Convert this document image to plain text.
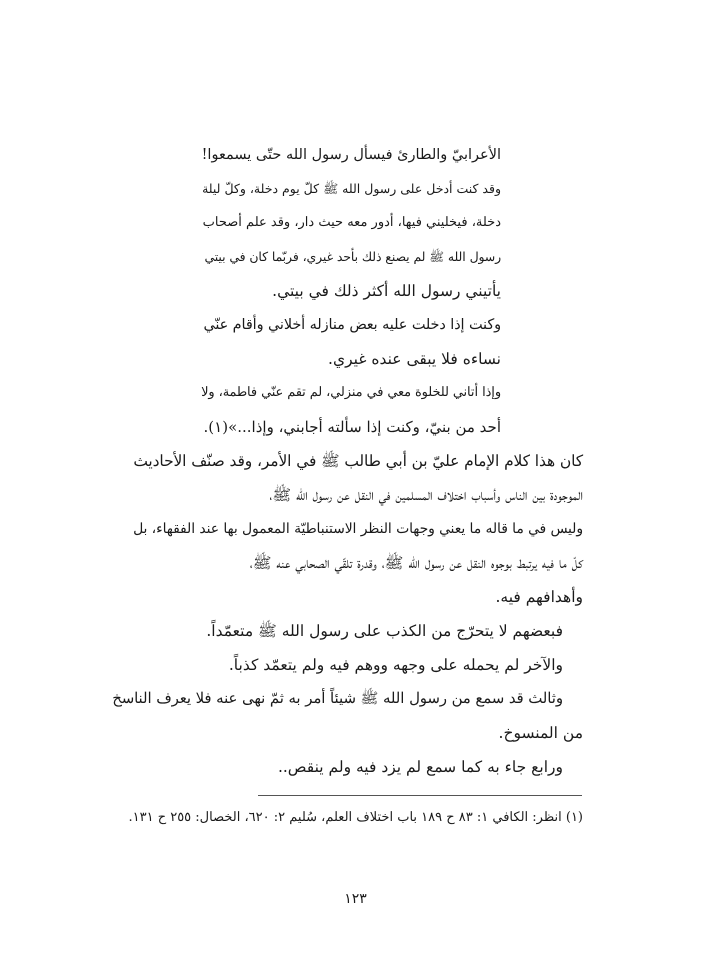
الأعرابيّ والطارئ فيسأل رسول الله حتّى يسمعوا!
وقد كنت أدخل على رسول الله ﷺ كلّ يوم دخلة، وكلّ ليلة
دخلة، فيخليني فيها، أدور معه حيث دار، وقد علم أصحاب
رسول الله ﷺ لم يصنع ذلك بأحد غيري، فربّما كان في بيتي
يأتيني رسول الله أكثر ذلك في بيتي.
وكنت إذا دخلت عليه بعض منازله أخلاني وأقام عنّي
نساءه فلا يبقى عنده غيري.
وإذا أتاني للخلوة معي في منزلي، لم تقم عنّي فاطمة، ولا
أحد من بنيّ، وكنت إذا سألته أجابني، وإذا...»(١).
كان هذا كلام الإمام عليّ بن أبي طالب ﷺ في الأمر، وقد صنّف الأحاديث
الموجودة بين الناس وأسباب اختلاف المسلمين في النقل عن رسول الله ﷺ،
وليس في ما قاله ما يعني وجهات النظر الاستنباطيّة المعمول بها عند الفقهاء، بل
كلّ ما فيه يرتبط بوجوه النقل عن رسول الله ﷺ، وقدرة تلقّي الصحابي عنه ﷺ،
وأهدافهم فيه.
فبعضهم لا يتحرّج من الكذب على رسول الله ﷺ متعمّداً.
والآخر لم يحمله على وجهه ووهم فيه ولم يتعمّد كذباً.
وثالث قد سمع من رسول الله ﷺ شيئاً أمر به ثمّ نهى عنه فلا يعرف الناسخ
من المنسوخ.
ورابع جاء به كما سمع لم يزد فيه ولم ينقص..
(١) انظر: الكافي ١: ٨٣ ح ١٨٩ باب اختلاف العلم، سُليم ٢: ٦٢٠، الخصال: ٢٥٥ ح ١٣١.
١٢٣
